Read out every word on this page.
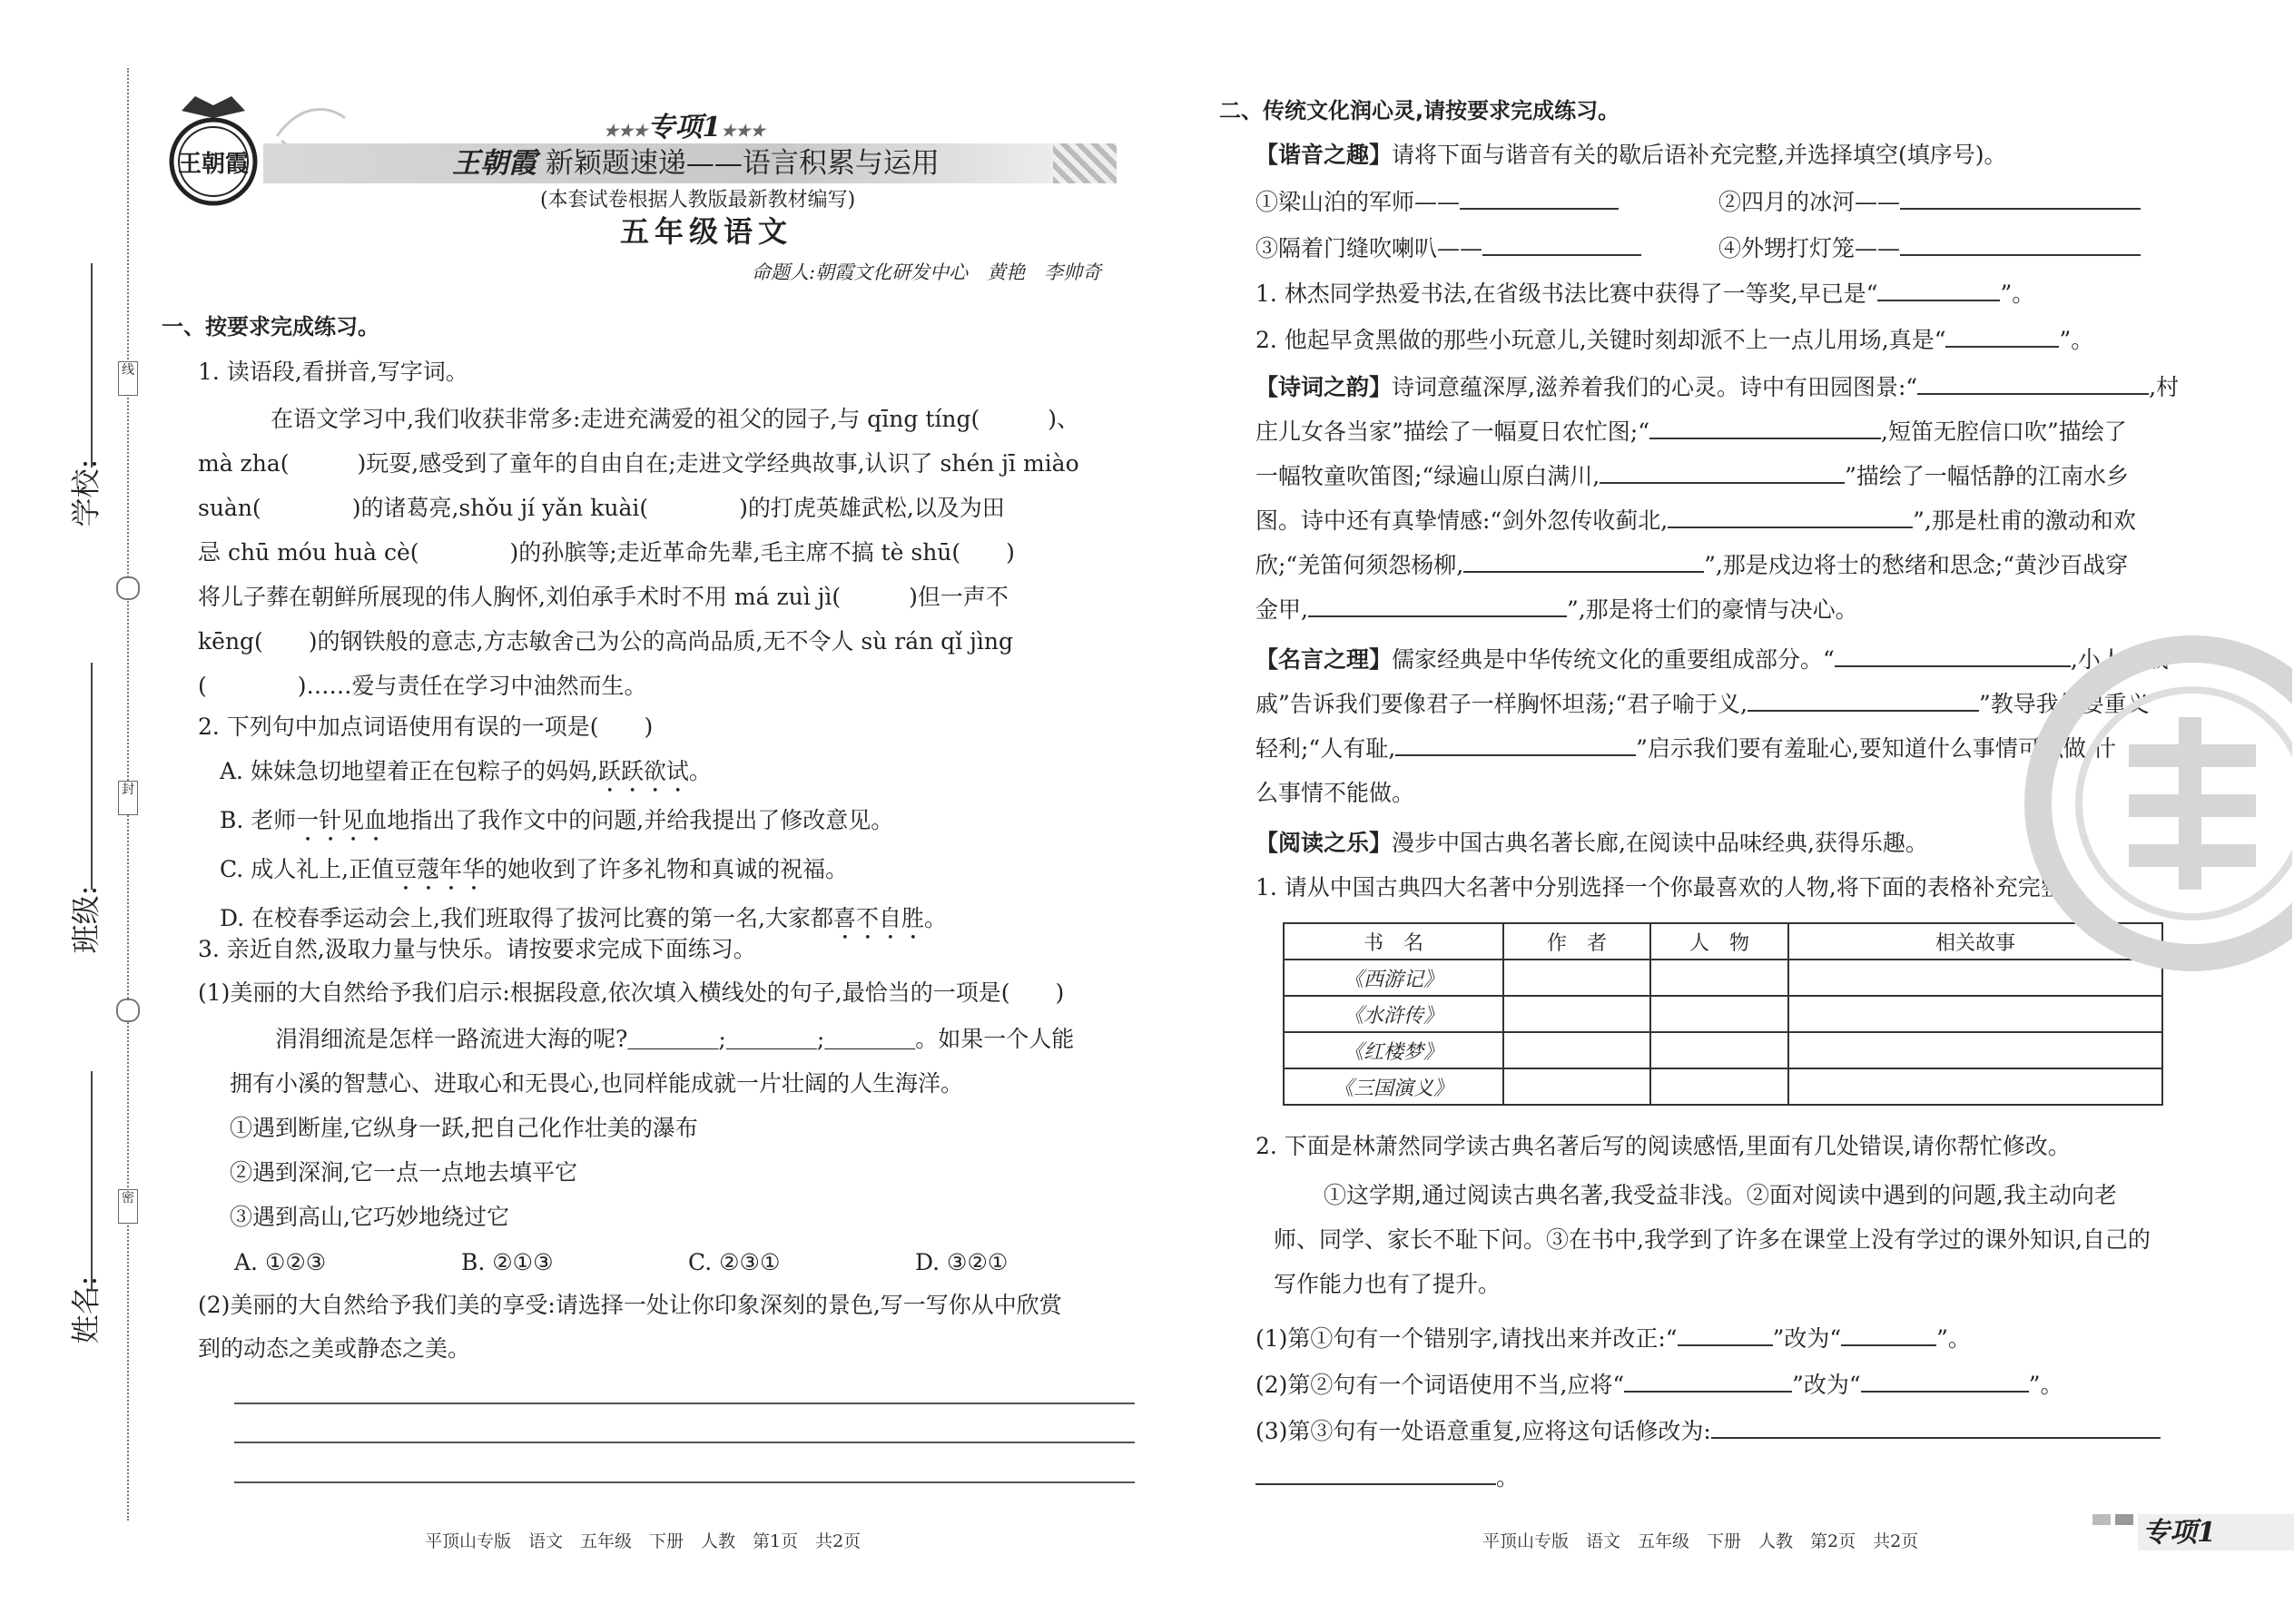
线
封
密
学校:
班级:
姓名:
王朝霞
★★★专项1★★★
王朝霞 新颖题速递——语言积累与运用
(本套试卷根据人教版最新教材编写)
五年级语文
命题人:朝霞文化研发中心　黄艳　李帅奇
一、按要求完成练习。
1. 读语段,看拼音,写字词。
在语文学习中,我们收获非常多:走进充满爱的祖父的园子,与 qīng tíng(　　　)、
mà zha(　　　)玩耍,感受到了童年的自由自在;走进文学经典故事,认识了 shén jī miào
suàn(　　　　)的诸葛亮,shǒu jí yǎn kuài(　　　　)的打虎英雄武松,以及为田
忌 chū móu huà cè(　　　　)的孙膑等;走近革命先辈,毛主席不搞 tè shū(　　)
将儿子葬在朝鲜所展现的伟人胸怀,刘伯承手术时不用 má zuì jì(　　　)但一声不
kēng(　　)的钢铁般的意志,方志敏舍己为公的高尚品质,无不令人 sù rán qǐ jìng
(　　　　)……爱与责任在学习中油然而生。
2. 下列句中加点词语使用有误的一项是(　　)
A. 妹妹急切地望着正在包粽子的妈妈,跃跃欲试。
B. 老师一针见血地指出了我作文中的问题,并给我提出了修改意见。
C. 成人礼上,正值豆蔻年华的她收到了许多礼物和真诚的祝福。
D. 在校春季运动会上,我们班取得了拔河比赛的第一名,大家都喜不自胜。
3. 亲近自然,汲取力量与快乐。请按要求完成下面练习。
(1)美丽的大自然给予我们启示:根据段意,依次填入横线处的句子,最恰当的一项是(　　)
涓涓细流是怎样一路流进大海的呢?＿＿＿＿;＿＿＿＿;＿＿＿＿。如果一个人能
拥有小溪的智慧心、进取心和无畏心,也同样能成就一片壮阔的人生海洋。
①遇到断崖,它纵身一跃,把自己化作壮美的瀑布
②遇到深涧,它一点一点地去填平它
③遇到高山,它巧妙地绕过它
A. ①②③	B. ②①③	C. ②③①	D. ③②①
(2)美丽的大自然给予我们美的享受:请选择一处让你印象深刻的景色,写一写你从中欣赏
到的动态之美或静态之美。
平顶山专版　语文　五年级　下册　人教　第1页　共2页
二、传统文化润心灵,请按要求完成练习。
【谐音之趣】请将下面与谐音有关的歇后语补充完整,并选择填空(填序号)。
①梁山泊的军师——	②四月的冰河——
③隔着门缝吹喇叭——	④外甥打灯笼——
1. 林杰同学热爱书法,在省级书法比赛中获得了一等奖,早已是“	”。
2. 他起早贪黑做的那些小玩意儿,关键时刻却派不上一点儿用场,真是“	”。
【诗词之韵】诗词意蕴深厚,滋养着我们的心灵。诗中有田园图景:“	,村
庄儿女各当家”描绘了一幅夏日农忙图;“	,短笛无腔信口吹”描绘了
一幅牧童吹笛图;“绿遍山原白满川,	”描绘了一幅恬静的江南水乡
图。诗中还有真挚情感:“剑外忽传收蓟北,	”,那是杜甫的激动和欢
欣;“羌笛何须怨杨柳,	”,那是戍边将士的愁绪和思念;“黄沙百战穿
金甲,	”,那是将士们的豪情与决心。
【名言之理】儒家经典是中华传统文化的重要组成部分。“	,小人长戚
戚”告诉我们要像君子一样胸怀坦荡;“君子喻于义,	”教导我们要重义
轻利;“人有耻,	”启示我们要有羞耻心,要知道什么事情可以做,什
么事情不能做。
【阅读之乐】漫步中国古典名著长廊,在阅读中品味经典,获得乐趣。
1. 请从中国古典四大名著中分别选择一个你最喜欢的人物,将下面的表格补充完整。
书　名	作　者	人　物	相关故事
《西游记》			
《水浒传》			
《红楼梦》			
《三国演义》			
2. 下面是林萧然同学读古典名著后写的阅读感悟,里面有几处错误,请你帮忙修改。
①这学期,通过阅读古典名著,我受益非浅。②面对阅读中遇到的问题,我主动向老
师、同学、家长不耻下问。③在书中,我学到了许多在课堂上没有学过的课外知识,自己的
写作能力也有了提升。
(1)第①句有一个错别字,请找出来并改正:“	”改为“	”。
(2)第②句有一个词语使用不当,应将“	”改为“	”。
(3)第③句有一处语意重复,应将这句话修改为:
。
平顶山专版　语文　五年级　下册　人教　第2页　共2页	专项1
